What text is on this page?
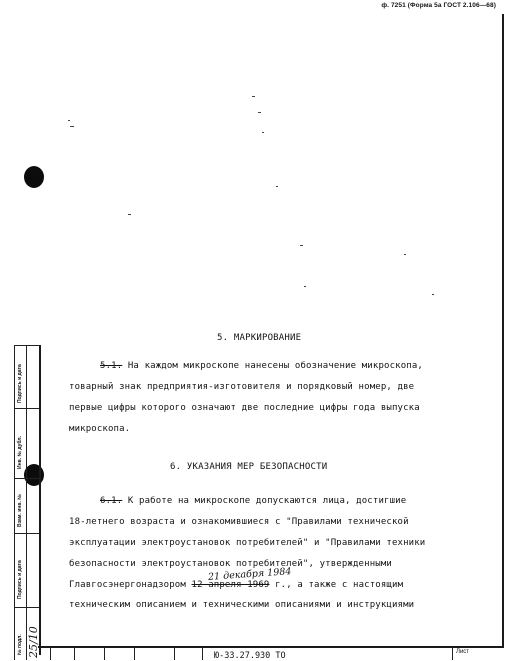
ф. 7251 (Форма 5а ГОСТ 2.106—68)
5. МАРКИРОВАНИЕ
5.1. На каждом микроскопе нанесены обозначение микроскопа,
товарный знак предприятия-изготовителя и порядковый номер, две
первые цифры которого означают две последние цифры года выпуска
микроскопа.
6. УКАЗАНИЯ МЕР БЕЗОПАСНОСТИ
6.1. К работе на микроскопе допускаются лица, достигшие
18-летнего возраста и ознакомившиеся с "Правилами технической
эксплуатации электроустановок потребителей" и "Правилами техники
безопасности электроустановок потребителей", утвержденными
21 декабря 1984
Главгосэнергонадзором 12 апреля 1969 г., а также с настоящим
техническим описанием и техническими описаниями и инструкциями
Подпись и дата
Инв. № дубл.
Взам. инв. №
Подпись и дата
№ подл. 25/10	Ю-33.27.930 ТО	Лист
